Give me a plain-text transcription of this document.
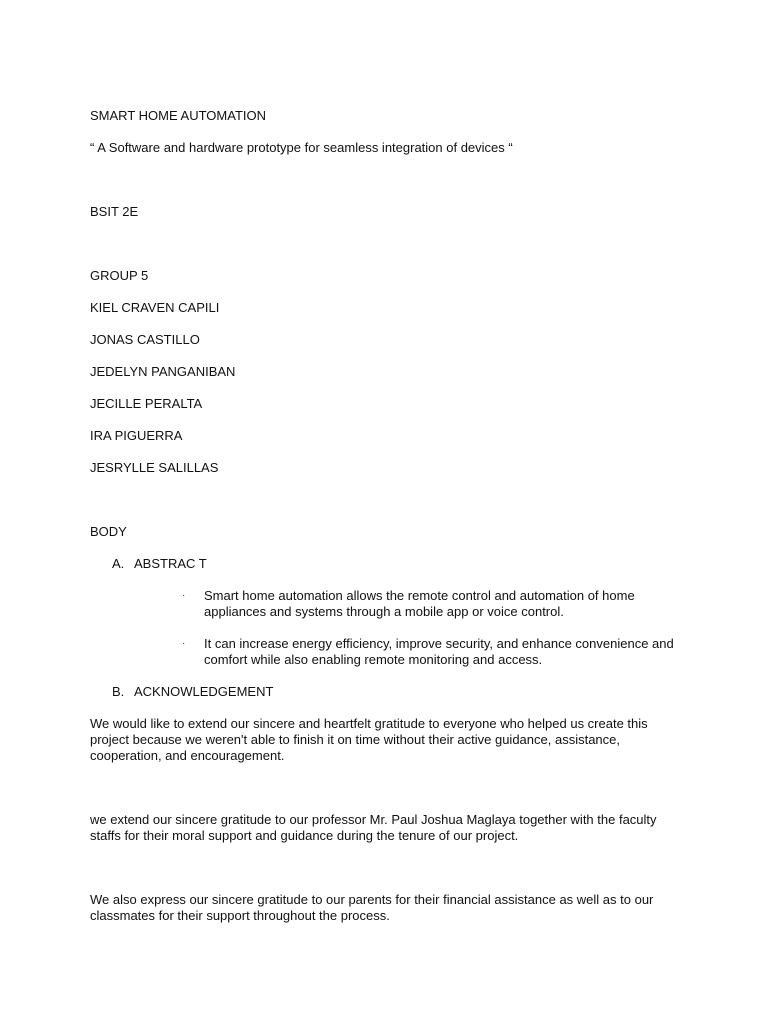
SMART HOME AUTOMATION
“ A Software and hardware prototype for seamless integration of devices “
BSIT 2E
GROUP 5
KIEL CRAVEN CAPILI
JONAS CASTILLO
JEDELYN PANGANIBAN
JECILLE PERALTA
IRA PIGUERRA
JESRYLLE SALILLAS
BODY
A. ABSTRAC T
· Smart home automation allows the remote control and automation of home appliances and systems through a mobile app or voice control.
· It can increase energy efficiency, improve security, and enhance convenience and comfort while also enabling remote monitoring and access.
B. ACKNOWLEDGEMENT
We would like to extend our sincere and heartfelt gratitude to everyone who helped us create this project because we weren't able to finish it on time without their active guidance, assistance, cooperation, and encouragement.
we extend our sincere gratitude to our professor Mr. Paul Joshua Maglaya together with the faculty staffs for their moral support and guidance during the tenure of our project.
We also express our sincere gratitude to our parents for their financial assistance as well as to our classmates for their support throughout the process.
